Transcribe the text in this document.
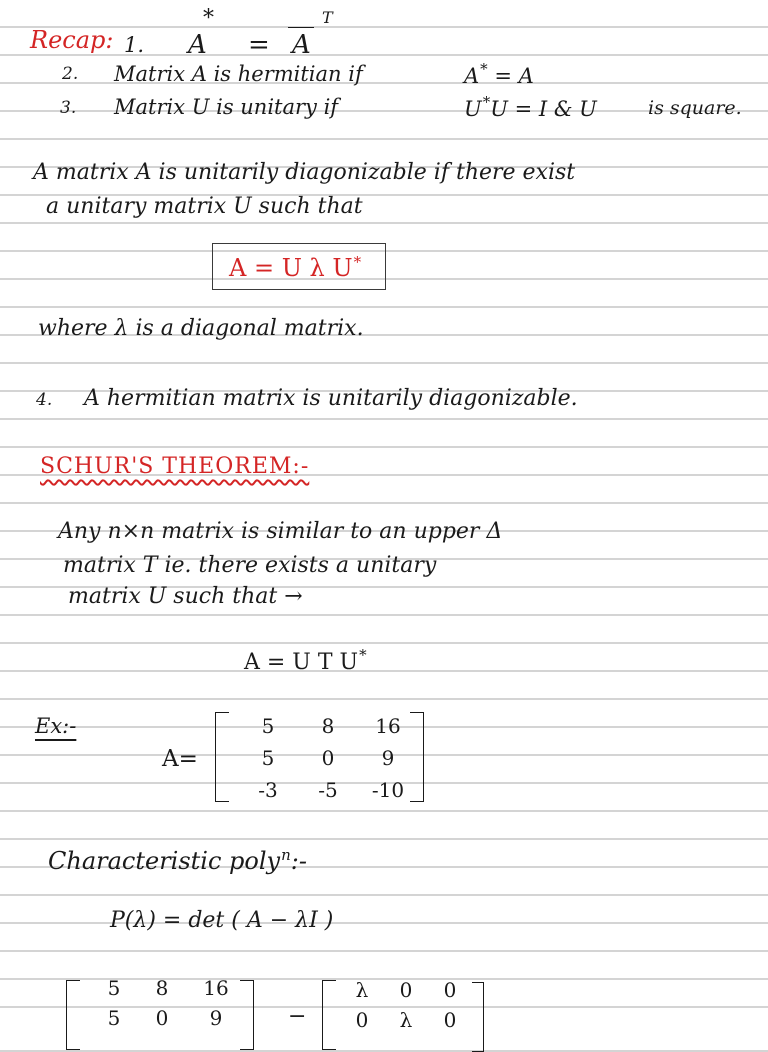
Recap: 1. A
*
= A
T
2. Matrix A is hermitian if	A* = A
3. Matrix U is unitary if	U*U = I & U	is square.
A matrix A is unitarily diagonizable if there exist
a unitary matrix U such that
A = U λ U*
where λ is a diagonal matrix.
4. A hermitian matrix is unitarily diagonizable.
SCHUR'S THEOREM:-
Any n×n matrix is similar to an upper Δ
matrix T ie. there exists a unitary
matrix U such that →
A = U T U*
Ex:-
A=
5	8	16
5	0	9
-3	-5	-10
Characteristic poly$^n$:-
P(λ) = det ( A − λI )
5	8	16
5	0	9	−
λ	0	0
0	λ	0
